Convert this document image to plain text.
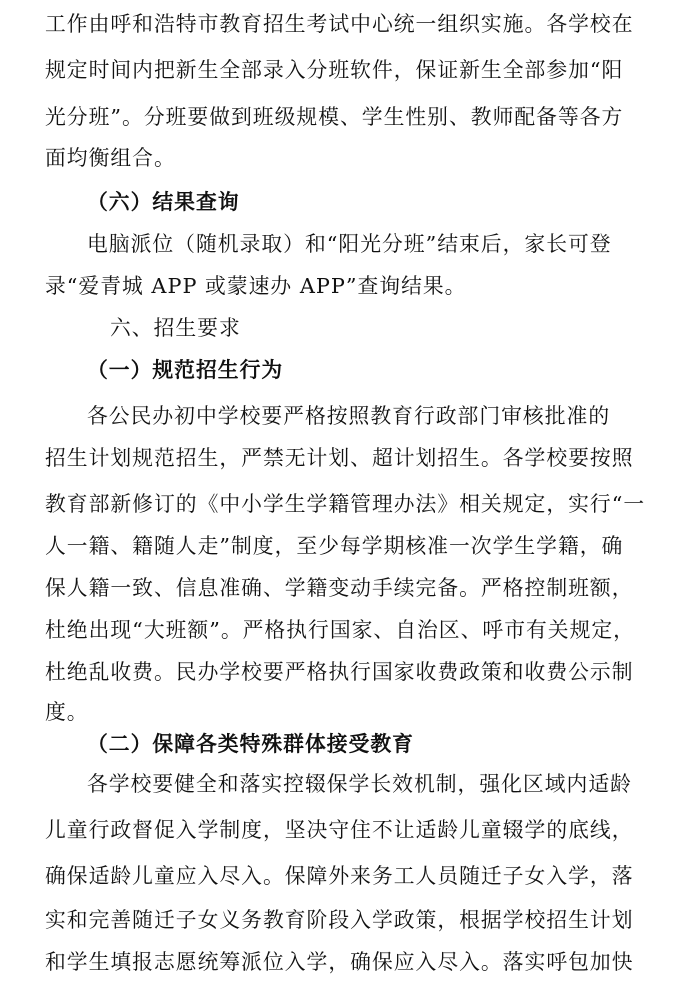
工作由呼和浩特市教育招生考试中心统一组织实施。各学校在
规定时间内把新生全部录入分班软件，保证新生全部参加“阳
光分班”。分班要做到班级规模、学生性别、教师配备等各方
面均衡组合。
（六）结果查询
电脑派位（随机录取）和“阳光分班”结束后，家长可登
录“爱青城 APP 或蒙速办 APP”查询结果。
六、招生要求
（一）规范招生行为
各公民办初中学校要严格按照教育行政部门审核批准的
招生计划规范招生，严禁无计划、超计划招生。各学校要按照
教育部新修订的《中小学生学籍管理办法》相关规定，实行“一
人一籍、籍随人走”制度，至少每学期核准一次学生学籍，确
保人籍一致、信息准确、学籍变动手续完备。严格控制班额，
杜绝出现“大班额”。严格执行国家、自治区、呼市有关规定，
杜绝乱收费。民办学校要严格执行国家收费政策和收费公示制
度。
（二）保障各类特殊群体接受教育
各学校要健全和落实控辍保学长效机制，强化区域内适龄
儿童行政督促入学制度，坚决守住不让适龄儿童辍学的底线，
确保适龄儿童应入尽入。保障外来务工人员随迁子女入学，落
实和完善随迁子女义务教育阶段入学政策，根据学校招生计划
和学生填报志愿统筹派位入学，确保应入尽入。落实呼包加快
